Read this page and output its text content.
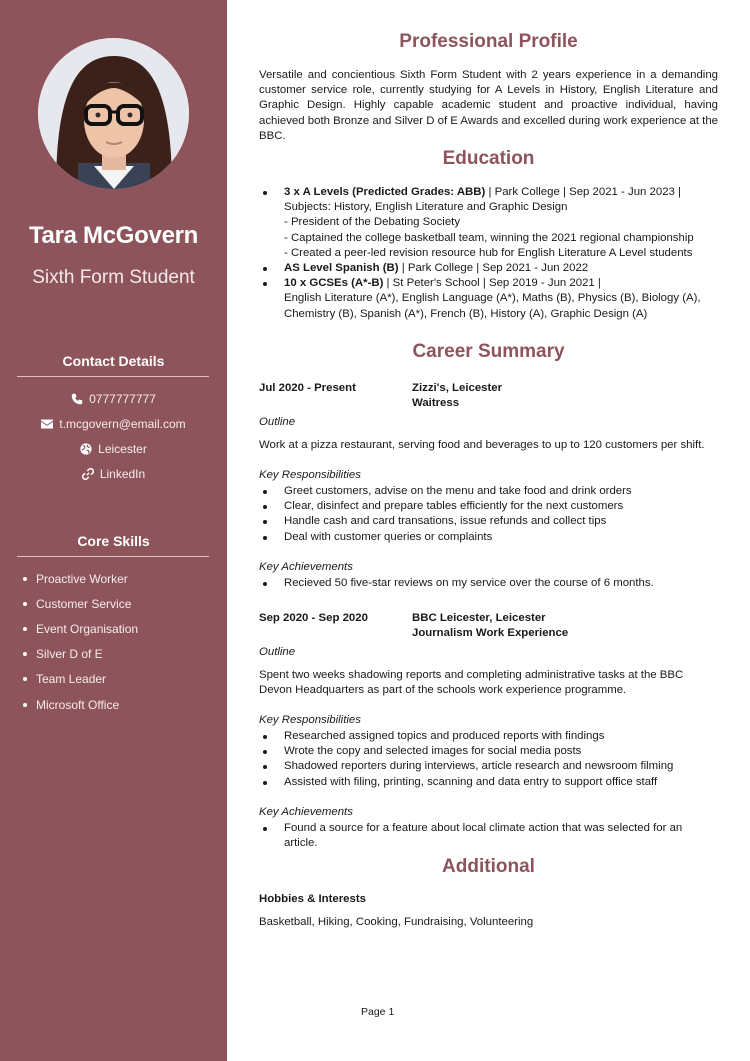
Tara McGovern
Sixth Form Student
Contact Details
0777777777
t.mcgovern@email.com
Leicester
LinkedIn
Core Skills
Proactive Worker
Customer Service
Event Organisation
Silver D of E
Team Leader
Microsoft Office
Professional Profile

Versatile and concientious Sixth Form Student with 2 years experience in a demanding customer service role, currently studying for A Levels in History, English Literature and Graphic Design. Highly capable academic student and proactive individual, having achieved both Bronze and Silver D of E Awards and excelled during work experience at the BBC.

Education
3 x A Levels (Predicted Grades: ABB) | Park College | Sep 2021 - Jun 2023 |
Subjects: History, English Literature and Graphic Design
- President of the Debating Society
- Captained the college basketball team, winning the 2021 regional championship
- Created a peer-led revision resource hub for English Literature A Level students
AS Level Spanish (B) | Park College | Sep 2021 - Jun 2022
10 x GCSEs (A*-B) | St Peter's School | Sep 2019 - Jun 2021 |
English Literature (A*), English Language (A*), Maths (B), Physics (B), Biology (A), Chemistry (B), Spanish (A*), French (B), History (A), Graphic Design (A)
Career Summary
Jul 2020 - Present	Zizzi's, Leicester
Waitress

Outline

Work at a pizza restaurant, serving food and beverages to up to 120 customers per shift.

Key Responsibilities

Greet customers, advise on the menu and take food and drink orders
Clear, disinfect and prepare tables efficiently for the next customers
Handle cash and card transations, issue refunds and collect tips
Deal with customer queries or complaints

Key Achievements

Recieved 50 five-star reviews on my service over the course of 6 months.
Sep 2020 - Sep 2020	BBC Leicester, Leicester
Journalism Work Experience

Outline

Spent two weeks shadowing reports and completing administrative tasks at the BBC Devon Headquarters as part of the schools work experience programme.

Key Responsibilities

Researched assigned topics and produced reports with findings
Wrote the copy and selected images for social media posts
Shadowed reporters during interviews, article research and newsroom filming
Assisted with filing, printing, scanning and data entry to support office staff

Key Achievements

Found a source for a feature about local climate action that was selected for an article.
Additional

Hobbies & Interests

Basketball, Hiking, Cooking, Fundraising, Volunteering

Page 1
